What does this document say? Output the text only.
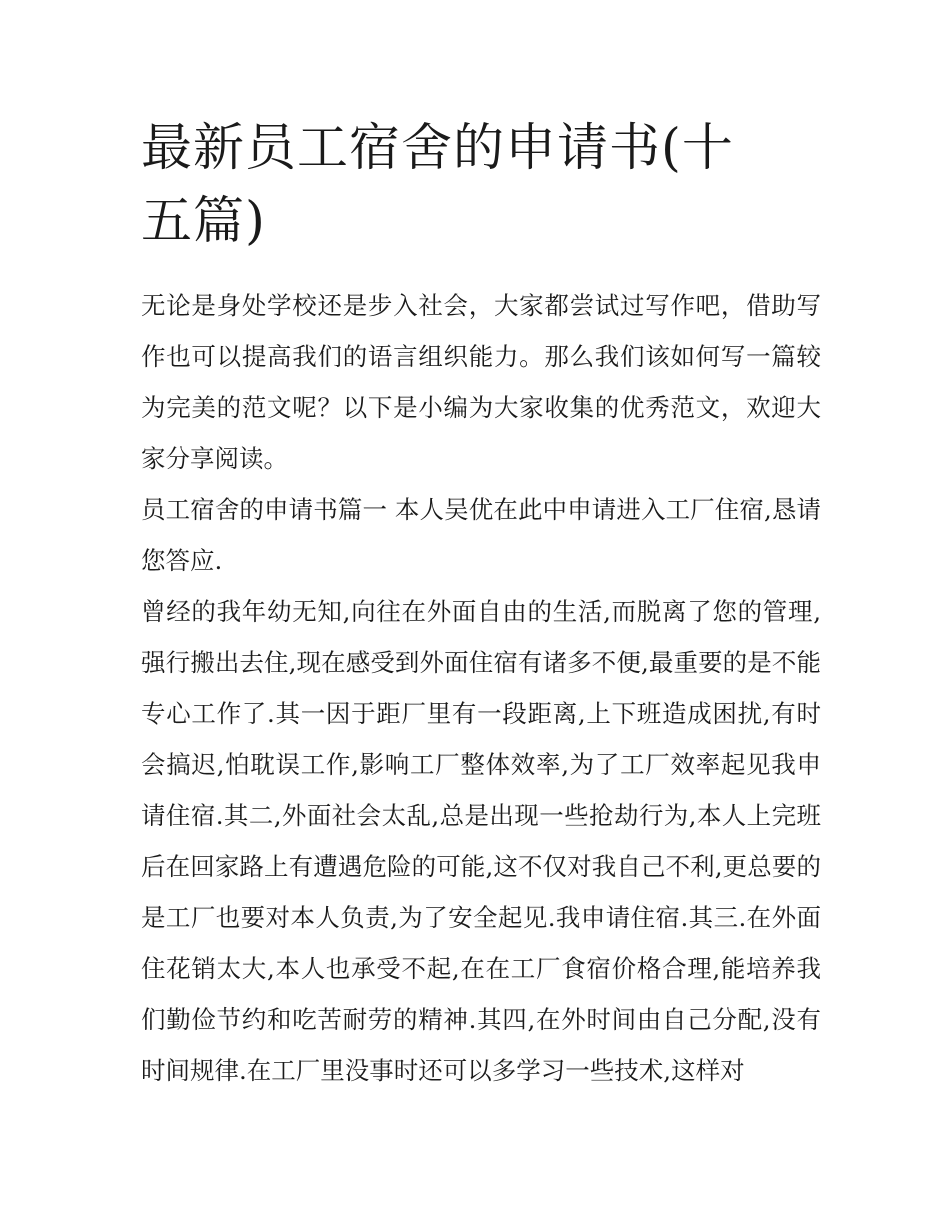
最新员工宿舍的申请书(十五篇)

无论是身处学校还是步入社会，大家都尝试过写作吧，借助写作也可以提高我们的语言组织能力。那么我们该如何写一篇较为完美的范文呢？以下是小编为大家收集的优秀范文，欢迎大家分享阅读。

员工宿舍的申请书篇一 本人吴优在此中申请进入工厂住宿,恳请您答应.

曾经的我年幼无知,向往在外面自由的生活,而脱离了您的管理,强行搬出去住,现在感受到外面住宿有诸多不便,最重要的是不能专心工作了.其一因于距厂里有一段距离,上下班造成困扰,有时会搞迟,怕耽误工作,影响工厂整体效率,为了工厂效率起见我申请住宿.其二,外面社会太乱,总是出现一些抢劫行为,本人上完班后在回家路上有遭遇危险的可能,这不仅对我自己不利,更总要的是工厂也要对本人负责,为了安全起见.我申请住宿.其三.在外面住花销太大,本人也承受不起,在在工厂食宿价格合理,能培养我们勤俭节约和吃苦耐劳的精神.其四,在外时间由自己分配,没有时间规律.在工厂里没事时还可以多学习一些技术,这样对
